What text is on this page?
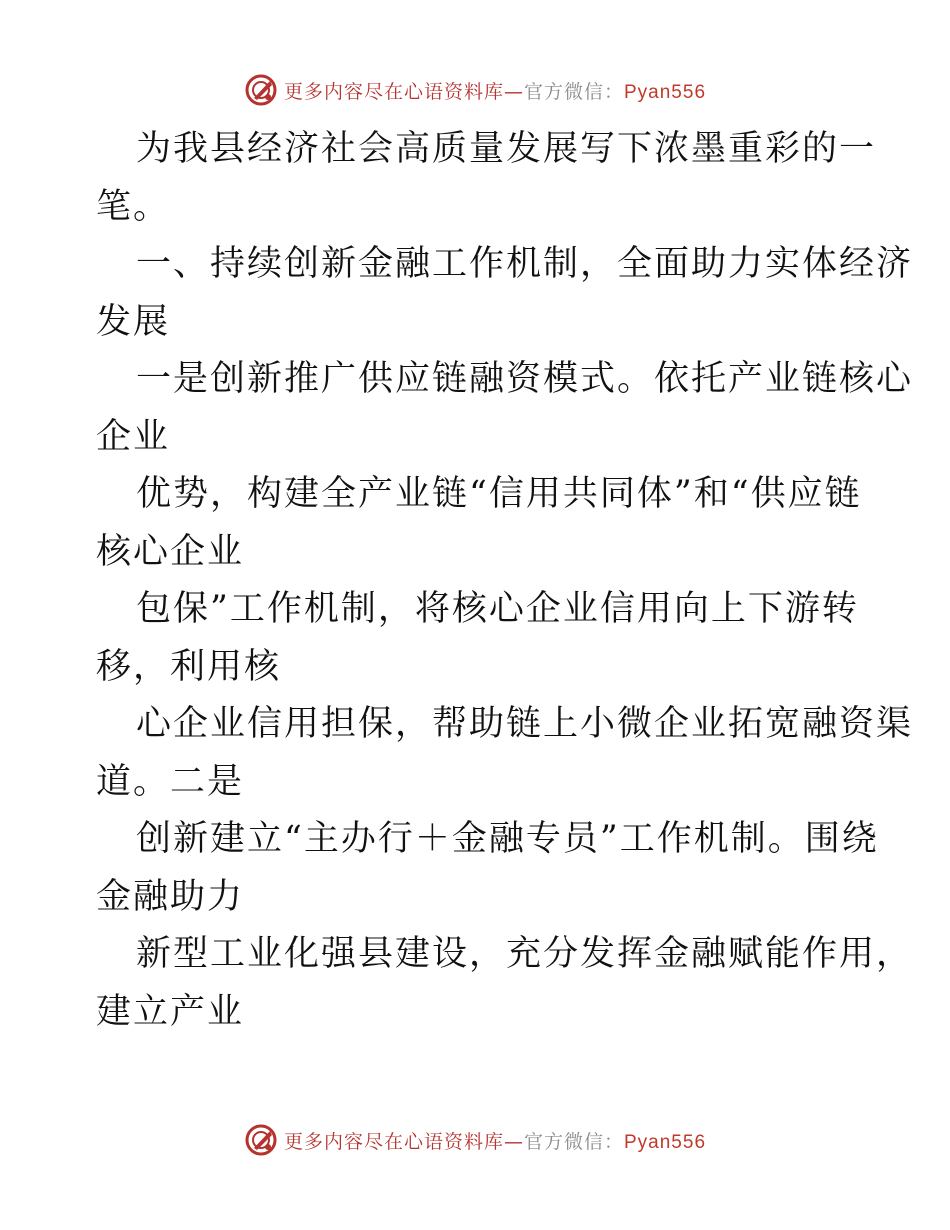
更多内容尽在心语资料库—官方微信：Pyan556
为我县经济社会高质量发展写下浓墨重彩的一
笔。
一、持续创新金融工作机制，全面助力实体经济
发展
一是创新推广供应链融资模式。依托产业链核心
企业
优势，构建全产业链“信用共同体”和“供应链
核心企业
包保”工作机制，将核心企业信用向上下游转
移，利用核
心企业信用担保，帮助链上小微企业拓宽融资渠
道。二是
创新建立“主办行＋金融专员”工作机制。围绕
金融助力
新型工业化强县建设，充分发挥金融赋能作用，
建立产业
更多内容尽在心语资料库—官方微信：Pyan556
